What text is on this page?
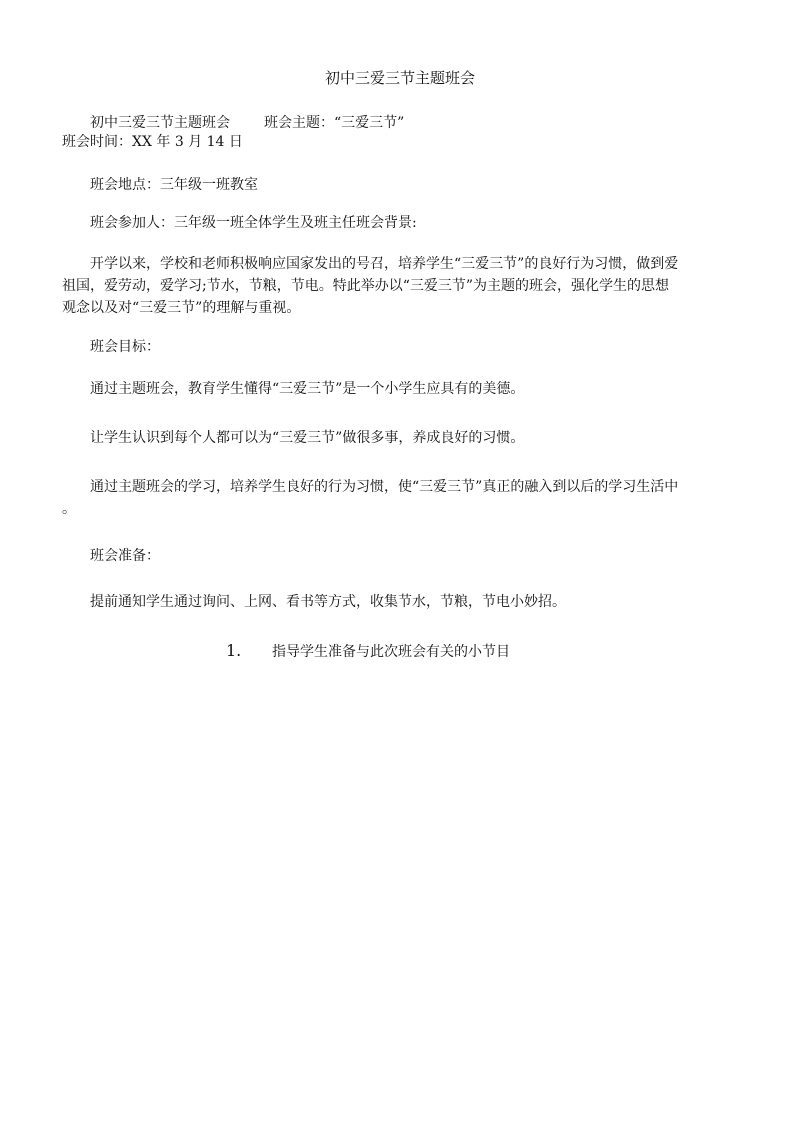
初中三爱三节主题班会
初中三爱三节主题班会 班会主题：“三爱三节”
班会时间：XX 年 3 月 14 日
班会地点：三年级一班教室
班会参加人：三年级一班全体学生及班主任班会背景:
开学以来，学校和老师积极响应国家发出的号召，培养学生“三爱三节”的良好行为习惯，做到爱
祖国，爱劳动，爱学习;节水，节粮，节电。特此举办以“三爱三节”为主题的班会，强化学生的思想
观念以及对“三爱三节”的理解与重视。
班会目标：
通过主题班会，教育学生懂得“三爱三节”是一个小学生应具有的美德。
让学生认识到每个人都可以为“三爱三节”做很多事，养成良好的习惯。
通过主题班会的学习，培养学生良好的行为习惯，使“三爱三节”真正的融入到以后的学习生活中
。
班会准备：
提前通知学生通过询问、上网、看书等方式，收集节水，节粮，节电小妙招。
1. 指导学生准备与此次班会有关的小节目
